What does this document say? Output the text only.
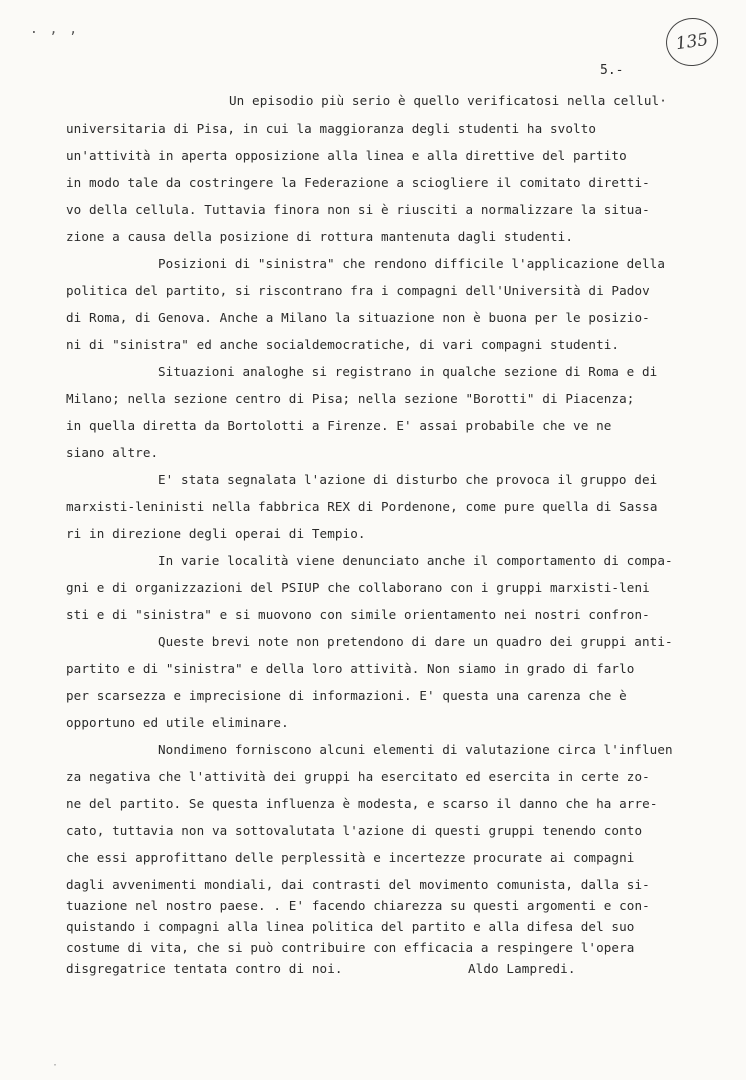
. , ,
135
5.-
Un episodio più serio è quello verificatosi nella cellul·
universitaria di Pisa, in cui la maggioranza degli studenti ha svolto
un'attività in aperta opposizione alla linea e alla direttive del partito
in modo tale da costringere la Federazione a sciogliere il comitato diretti-
vo della cellula. Tuttavia finora non si è riusciti a normalizzare la situa-
zione a causa della posizione di rottura mantenuta dagli studenti.
Posizioni di "sinistra" che rendono difficile l'applicazione della
politica del partito, si riscontrano fra i compagni dell'Università di Padov
di Roma, di Genova. Anche a Milano la situazione non è buona per le posizio-
ni di "sinistra" ed anche socialdemocratiche, di vari compagni studenti.
Situazioni analoghe si registrano in qualche sezione di Roma e di
Milano; nella sezione centro di Pisa; nella sezione "Borotti" di Piacenza;
in quella diretta da Bortolotti a Firenze. E' assai probabile che ve ne
siano altre.
E' stata segnalata l'azione di disturbo che provoca il gruppo dei
marxisti-leninisti nella fabbrica REX di Pordenone, come pure quella di Sassa
ri in direzione degli operai di Tempio.
In varie località viene denunciato anche il comportamento di compa-
gni e di organizzazioni del PSIUP che collaborano con i gruppi marxisti-leni
sti e di "sinistra" e si muovono con simile orientamento nei nostri confron-
Queste brevi note non pretendono di dare un quadro dei gruppi anti-
partito e di "sinistra" e della loro attività. Non siamo in grado di farlo
per scarsezza e imprecisione di informazioni. E' questa una carenza che è
opportuno ed utile eliminare.
Nondimeno forniscono alcuni elementi di valutazione circa l'influen
za negativa che l'attività dei gruppi ha esercitato ed esercita in certe zo-
ne del partito. Se questa influenza è modesta, e scarso il danno che ha arre-
cato, tuttavia non va sottovalutata l'azione di questi gruppi tenendo conto
che essi approfittano delle perplessità e incertezze procurate ai compagni
dagli avvenimenti mondiali, dai contrasti del movimento comunista, dalla si-
tuazione nel nostro paese. . E' facendo chiarezza su questi argomenti e con-
quistando i compagni alla linea politica del partito e alla difesa del suo
costume di vita, che si può contribuire con efficacia a respingere l'opera
disgregatrice tentata contro di noi.	Aldo Lampredi.
·
